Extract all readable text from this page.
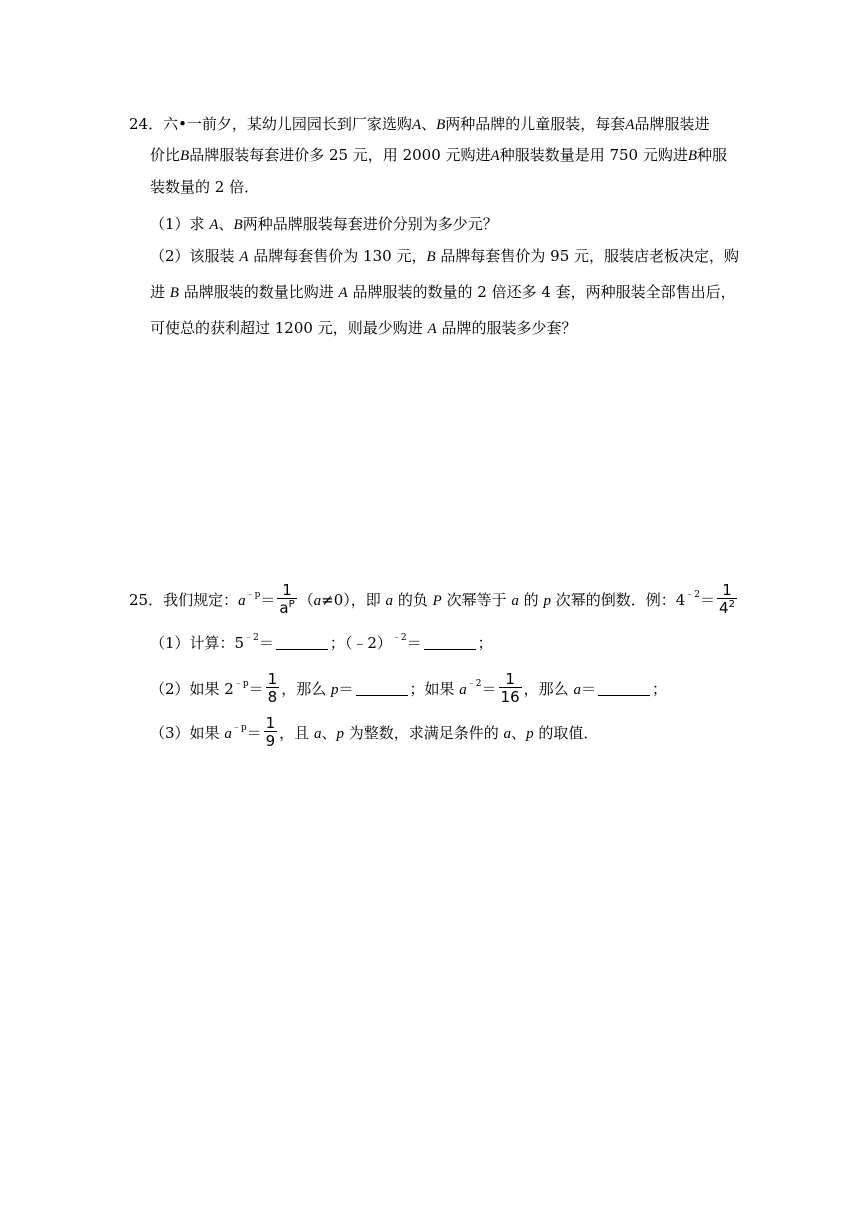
24．六•一前夕，某幼儿园园长到厂家选购A、B两种品牌的儿童服装，每套A品牌服装进
价比B品牌服装每套进价多 25 元，用 2000 元购进A种服装数量是用 750 元购进B种服
装数量的 2 倍．
（1）求 A、B两种品牌服装每套进价分别为多少元？
（2）该服装 A 品牌每套售价为 130 元，B 品牌每套售价为 95 元，服装店老板决定，购
进 B 品牌服装的数量比购进 A 品牌服装的数量的 2 倍还多 4 套，两种服装全部售出后，
可使总的获利超过 1200 元，则最少购进 A 品牌的服装多少套？
25．我们规定：$a^{﹣p}= \frac{1}{a^P} (a\ne 0)$，即 a 的负 P 次幂等于 a 的 p 次幂的倒数．例：$4^{﹣2}= \frac{1}{4^2}$
（1）计算：$5^{﹣2}=$	；（﹣2）$^{﹣2}$＝	；
（2）如果 $2^{﹣p}= \frac{1}{8}$ ，那么 p＝	；如果 $a^{﹣2}= \frac{1}{16}$ ，那么 a＝	；
（3）如果 $a^{﹣p}= \frac{1}{9}$ ，且 a、p 为整数，求满足条件的 a、p 的取值．
